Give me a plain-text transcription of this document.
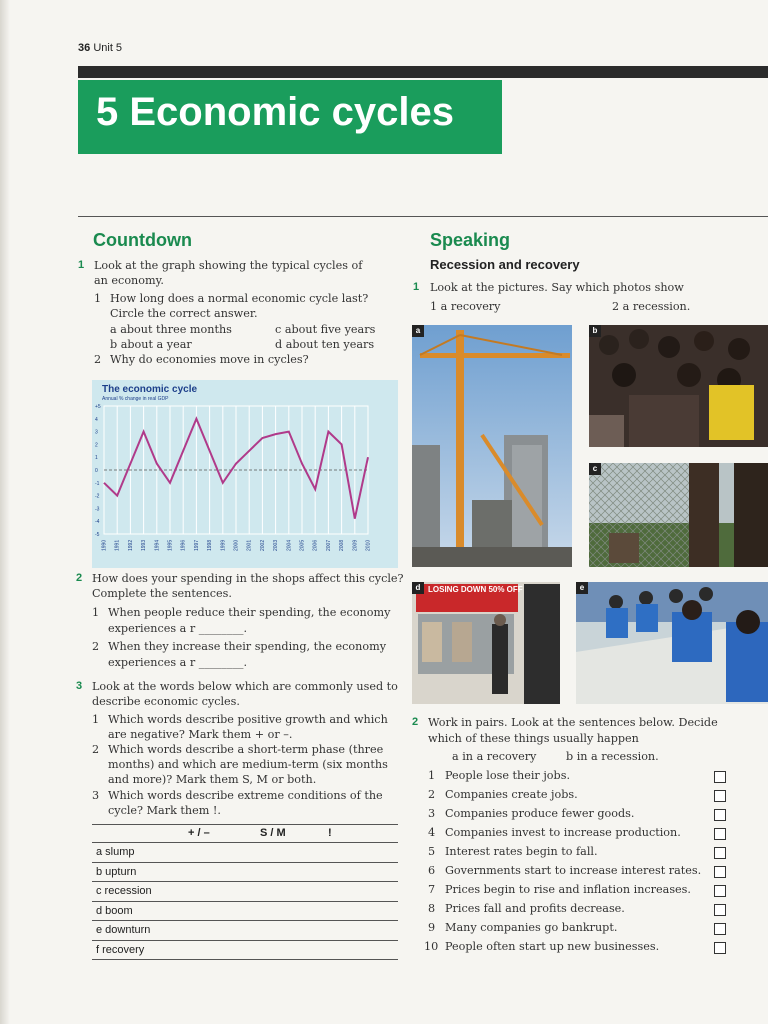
36 Unit 5
5 Economic cycles
Countdown
1 Look at the graph showing the typical cycles of
an economy.
1 How long does a normal economic cycle last?
Circle the correct answer.
a about three months	c about five years
b about a year	d about ten years
2 Why do economies move in cycles?
The economic cycle
Annual % change in real GDP
+5
4
3
2
1
0
-1
-2
-3
-4
-5
1990 1991 1992 1993 1994 1995 1996 1997 1998 1999 2000 2001 2002 2003 2004 2005 2006 2007 2008 2009 2010
2 How does your spending in the shops affect this cycle?
Complete the sentences.
1 When people reduce their spending, the economy
experiences a r ________.
2 When they increase their spending, the economy
experiences a r ________.
3 Look at the words below which are commonly used to
describe economic cycles.
1 Which words describe positive growth and which
are negative? Mark them + or –.
2 Which words describe a short-term phase (three
months) and which are medium-term (six months
and more)? Mark them S, M or both.
3 Which words describe extreme conditions of the
cycle? Mark them !.
+ / –	S / M	!
a slump
b upturn
c recession
d boom
e downturn
f recovery
Speaking
Recession and recovery
1 Look at the pictures. Say which photos show
1 a recovery	2 a recession.
a	b
c
LOSING DOWN 50% OFF
d	e
2 Work in pairs. Look at the sentences below. Decide
which of these things usually happen
a in a recovery	b in a recession.
1 People lose their jobs.
2 Companies create jobs.
3 Companies produce fewer goods.
4 Companies invest to increase production.
5 Interest rates begin to fall.
6 Governments start to increase interest rates.
7 Prices begin to rise and inflation increases.
8 Prices fall and profits decrease.
9 Many companies go bankrupt.
10 People often start up new businesses.
